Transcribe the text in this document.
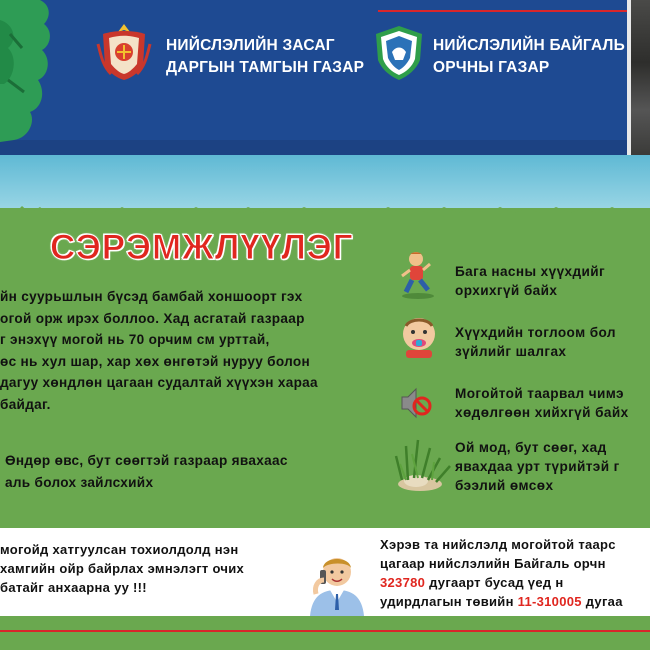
НИЙСЛЭЛИЙН ЗАСАГ
ДАРГЫН ТАМГЫН ГАЗАР
НИЙСЛЭЛИЙН БАЙГАЛЬ
ОРЧНЫ ГАЗАР
СЭРЭМЖЛҮҮЛЭГ
йн суурьшлын бүсэд бамбай хоншоорт гэх
огой орж ирэх боллоо. Хад асгатай газраар
г энэхүү могой нь 70 орчим см урттай,
өс нь хул шар, хар хөх өнгөтэй нуруу болон
дагуу хөндлөн цагаан судалтай хүүхэн хараа
байдаг.
Өндөр өвс, бут сөөгтэй газраар явахаас
аль болох зайлсхийх
Бага насны хүүхдийг
орхихгүй байх
Хүүхдийн тоглоом бол
зүйлийг шалгах
Могойтой таарвал чимэ
хөдөлгөөн хийхгүй байх
Ой мод, бут сөөг, хад
явахдаа урт түрийтэй г
бээлий өмсөх
могойд хатгуулсан тохиолдолд нэн
хамгийн ойр байрлах эмнэлэгт очих
батайг анхаарна уу !!!
Хэрэв та нийслэлд могойтой таарс
цагаар нийслэлийн Байгаль орчн
323780 дугаарт бусад үед н
удирдлагын төвийн 11-310005 дугаа
